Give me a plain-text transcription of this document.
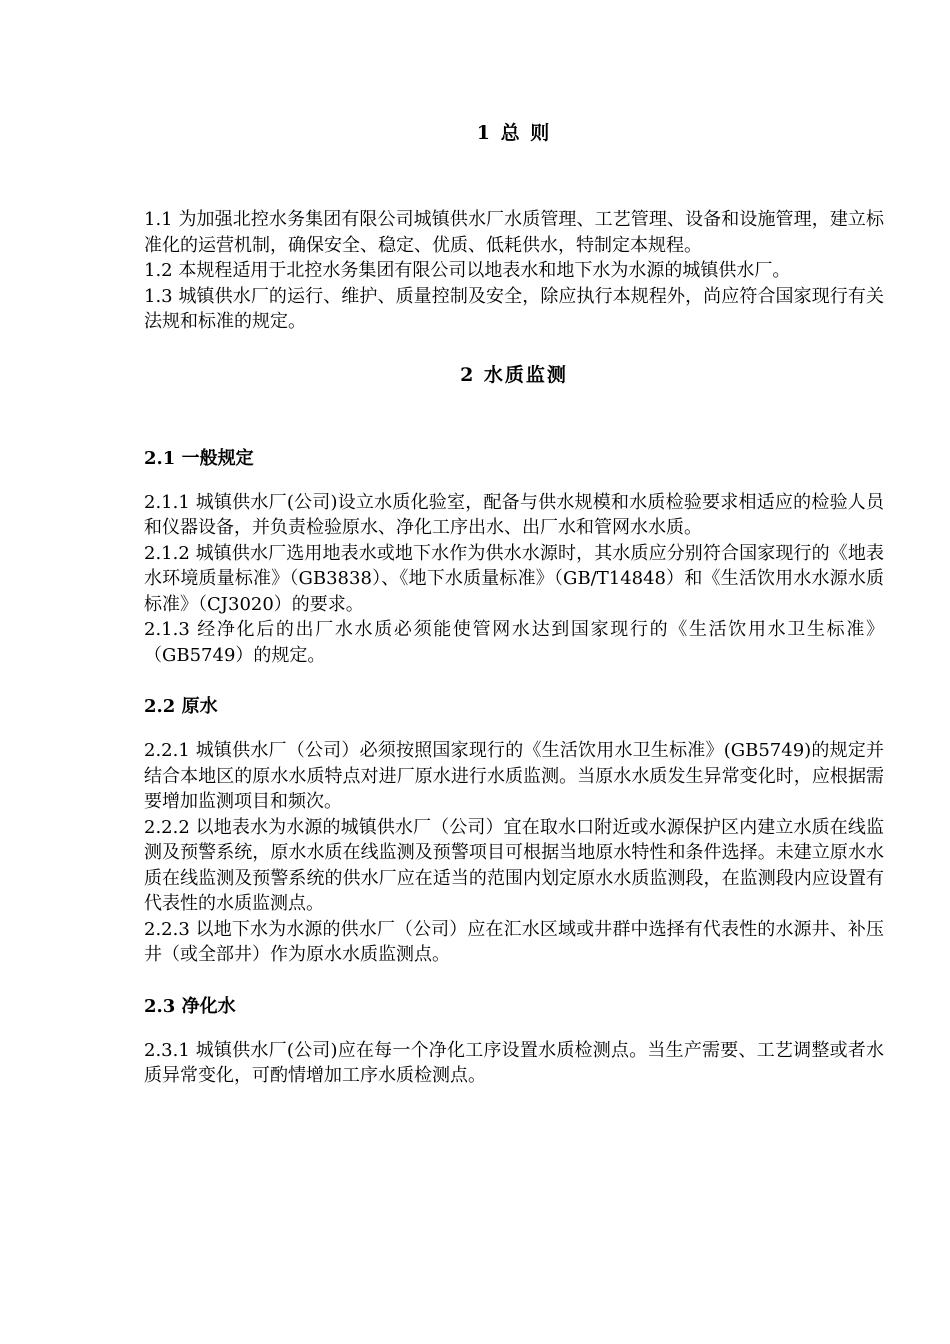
1 总 则

1.1 为加强北控水务集团有限公司城镇供水厂水质管理、工艺管理、设备和设施管理，建立标准化的运营机制，确保安全、稳定、优质、低耗供水，特制定本规程。

1.2 本规程适用于北控水务集团有限公司以地表水和地下水为水源的城镇供水厂。

1.3 城镇供水厂的运行、维护、质量控制及安全，除应执行本规程外，尚应符合国家现行有关法规和标准的规定。

2 水质监测
2.1 一般规定

2.1.1 城镇供水厂(公司)设立水质化验室，配备与供水规模和水质检验要求相适应的检验人员和仪器设备，并负责检验原水、净化工序出水、出厂水和管网水水质。

2.1.2 城镇供水厂选用地表水或地下水作为供水水源时，其水质应分别符合国家现行的《地表水环境质量标准》（GB3838）、《地下水质量标准》（GB/T14848）和《生活饮用水水源水质标准》（CJ3020）的要求。

2.1.3 经净化后的出厂水水质必须能使管网水达到国家现行的《生活饮用水卫生标准》（GB5749）的规定。

2.2 原水

2.2.1 城镇供水厂（公司）必须按照国家现行的《生活饮用水卫生标准》(GB5749)的规定并结合本地区的原水水质特点对进厂原水进行水质监测。当原水水质发生异常变化时，应根据需要增加监测项目和频次。

2.2.2 以地表水为水源的城镇供水厂（公司）宜在取水口附近或水源保护区内建立水质在线监测及预警系统，原水水质在线监测及预警项目可根据当地原水特性和条件选择。未建立原水水质在线监测及预警系统的供水厂应在适当的范围内划定原水水质监测段，在监测段内应设置有代表性的水质监测点。

2.2.3 以地下水为水源的供水厂（公司）应在汇水区域或井群中选择有代表性的水源井、补压井（或全部井）作为原水水质监测点。

2.3 净化水

2.3.1 城镇供水厂(公司)应在每一个净化工序设置水质检测点。当生产需要、工艺调整或者水质异常变化，可酌情增加工序水质检测点。
